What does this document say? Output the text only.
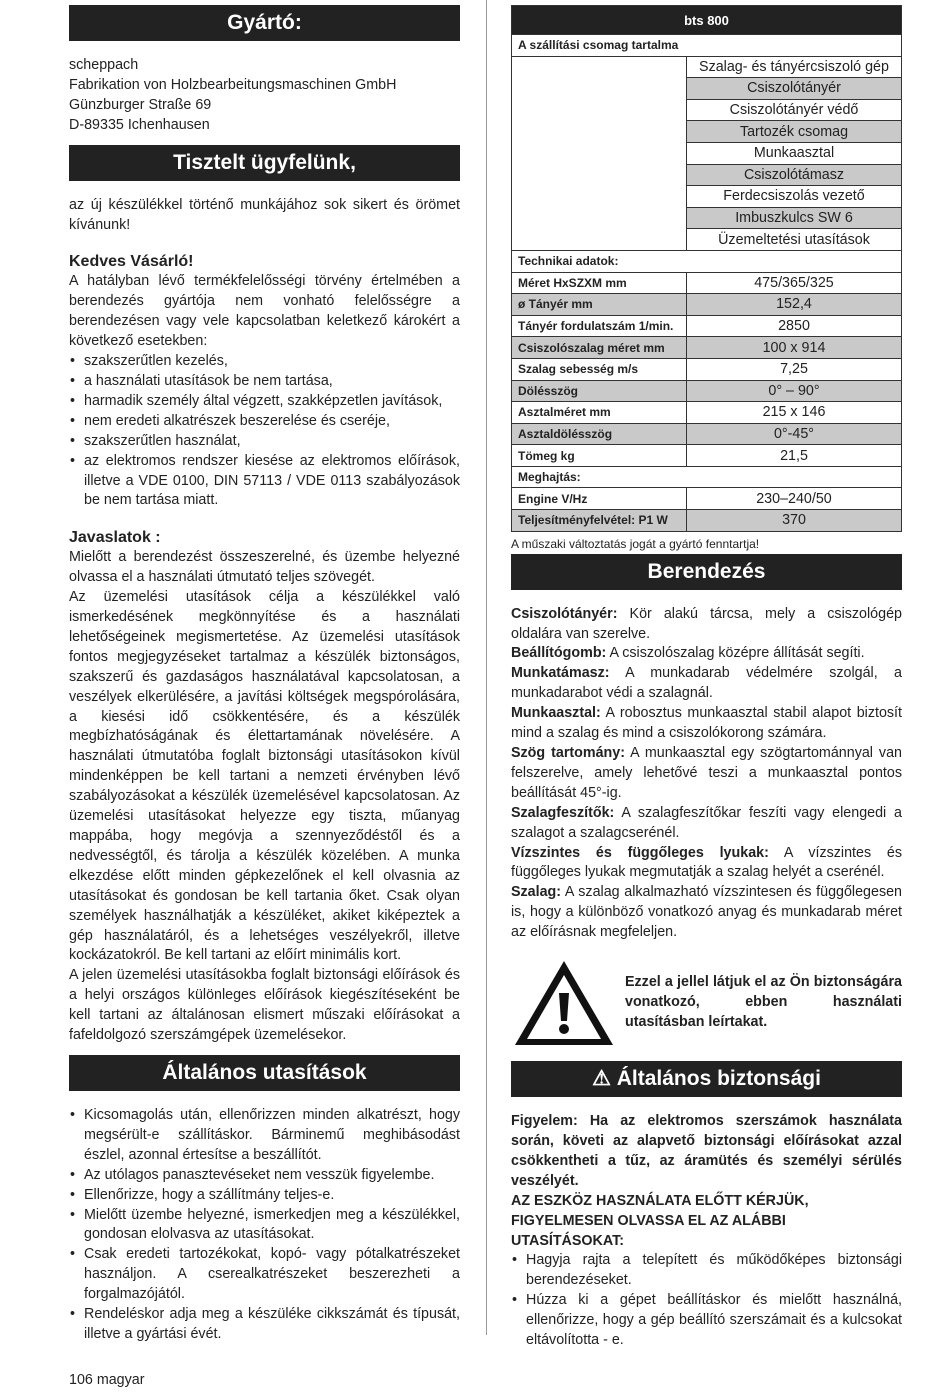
Gyártó:

scheppach

Fabrikation von Holzbearbeitungsmaschinen GmbH

Günzburger Straße 69

D-89335 Ichenhausen

Tisztelt ügyfelünk,

az új készülékkel történő munkájához sok sikert és örömet kívánunk!

Kedves Vásárló!

A hatályban lévő termékfelelősségi törvény értelmében a berendezés gyártója nem vonható felelősségre a berendezésen vagy vele kapcsolatban keletkező károkért a következő esetekben:

• szakszerűtlen kezelés,
• a használati utasítások be nem tartása,
• harmadik személy által végzett, szakképzetlen javítások,
• nem eredeti alkatrészek beszerelése és cseréje,
• szakszerűtlen használat,
• az elektromos rendszer kiesése az elektromos előírások, illetve a VDE 0100, DIN 57113 / VDE 0113 szabályozások be nem tartása miatt.
Javaslatok :

Mielőtt a berendezést összeszerelné, és üzembe helyezné olvassa el a használati útmutató teljes szövegét.

Az üzemelési utasítások célja a készülékkel való ismerkedésének megkönnyítése és a használati lehetőségeinek megismertetése. Az üzemelési utasítások fontos megjegyzéseket tartalmaz a készülék biztonságos, szakszerű és gazdaságos használatával kapcsolatosan, a veszélyek elkerülésére, a javítási költségek megspórolására, a kiesési idő csökkentésére, és a készülék megbízhatóságának és élettartamának növelésére. A használati útmutatóba foglalt biztonsági utasításokon kívül mindenképpen be kell tartani a nemzeti érvényben lévő szabályozásokat a készülék üzemelésével kapcsolatosan. Az üzemelési utasításokat helyezze egy tiszta, műanyag mappába, hogy megóvja a szennyeződéstől és a nedvességtől, és tárolja a készülék közelében. A munka elkezdése előtt minden gépkezelőnek el kell olvasnia az utasításokat és gondosan be kell tartania őket. Csak olyan személyek használhatják a készüléket, akiket kiképeztek a gép használatáról, és a lehetséges veszélyekről, illetve kockázatokról. Be kell tartani az előírt minimális kort.

A jelen üzemelési utasításokba foglalt biztonsági előírások és a helyi országos különleges előírások kiegészítéseként be kell tartani az általánosan elismert műszaki előírásokat a fafeldolgozó szerszámgépek üzemelésekor.

Általános utasítások
• Kicsomagolás után, ellenőrizzen minden alkatrészt, hogy megsérült-e szállításkor. Bárminemű meghibásodást észlel, azonnal értesítse a beszállítót.
• Az utólagos panasztevéseket nem vesszük figyelembe.
• Ellenőrizze, hogy a szállítmány teljes-e.
• Mielőtt üzembe helyezné, ismerkedjen meg a készülékkel, gondosan elolvasva az utasításokat.
• Csak eredeti tartozékokat, kopó- vagy pótalkatrészeket használjon. A cserealkatrészeket beszerezheti a forgalmazójától.
• Rendeléskor adja meg a készüléke cikkszámát és típusát, illetve a gyártási évét.
106 magyar
bts 800	
A szállítási csomag tartalma	
	Szalag- és tányércsiszoló gép
	Csiszolótányér
	Csiszolótányér védő
	Tartozék csomag
	Munkaasztal
	Csiszolótámasz
	Ferdecsiszolás vezető
	Imbuszkulcs SW 6
	Üzemeltetési utasítások
Technikai adatok:	
Méret HxSZXM mm	475/365/325
ø Tányér mm	152,4
Tányér fordulatszám 1/min.	2850
Csiszolószalag méret mm	100 x 914
Szalag sebesség m/s	7,25
Dölésszög	0° – 90°
Asztalméret mm	215 x 146
Asztaldölésszög	0°-45°
Tömeg kg	21,5
Meghajtás:	
Engine V/Hz	230–240/50
Teljesítményfelvétel: P1 W	370
A műszaki változtatás jogát a gyártó fenntartja!
Berendezés

Csiszolótányér: Kör alakú tárcsa, mely a csiszológép oldalára van szerelve.

Beállítógomb: A csiszolószalag középre állítását segíti.

Munkatámasz: A munkadarab védelmére szolgál, a munkadarabot védi a szalagnál.

Munkaasztal: A robosztus munkaasztal stabil alapot biztosít mind a szalag és mind a csiszolókorong számára.

Szög tartomány: A munkaasztal egy szögtartománnyal van felszerelve, amely lehetővé teszi a munkaasztal pontos beállítását 45°-ig.

Szalagfeszítők: A szalagfeszítőkar feszíti vagy elengedi a szalagot a szalagcserénél.

Vízszintes és függőleges lyukak: A vízszintes és függőleges lyukak megmutatják a szalag helyét a cserénél.

Szalag: A szalag alkalmazható vízszintesen és függőlegesen is, hogy a különböző vonatkozó anyag és munkadarab méret az előírásnak megfeleljen.

Ezzel a jellel látjuk el az Ön biztonságára vonatkozó, ebben használati utasításban leírtakat.

⚠ Általános biztonsági

Figyelem: Ha az elektromos szerszámok használata során, követi az alapvető biztonsági előírásokat azzal csökkentheti a tűz, az áramütés és személyi sérülés veszélyét.

AZ ESZKÖZ HASZNÁLATA ELŐTT KÉRJÜK, FIGYELMESEN OLVASSA EL AZ ALÁBBI UTASÍTÁSOKAT:

• Hagyja rajta a telepített és működőképes biztonsági berendezéseket.
• Húzza ki a gépet beállításkor és mielőtt használná, ellenőrizze, hogy a gép beállító szerszámait és a kulcsokat eltávolította - e.
